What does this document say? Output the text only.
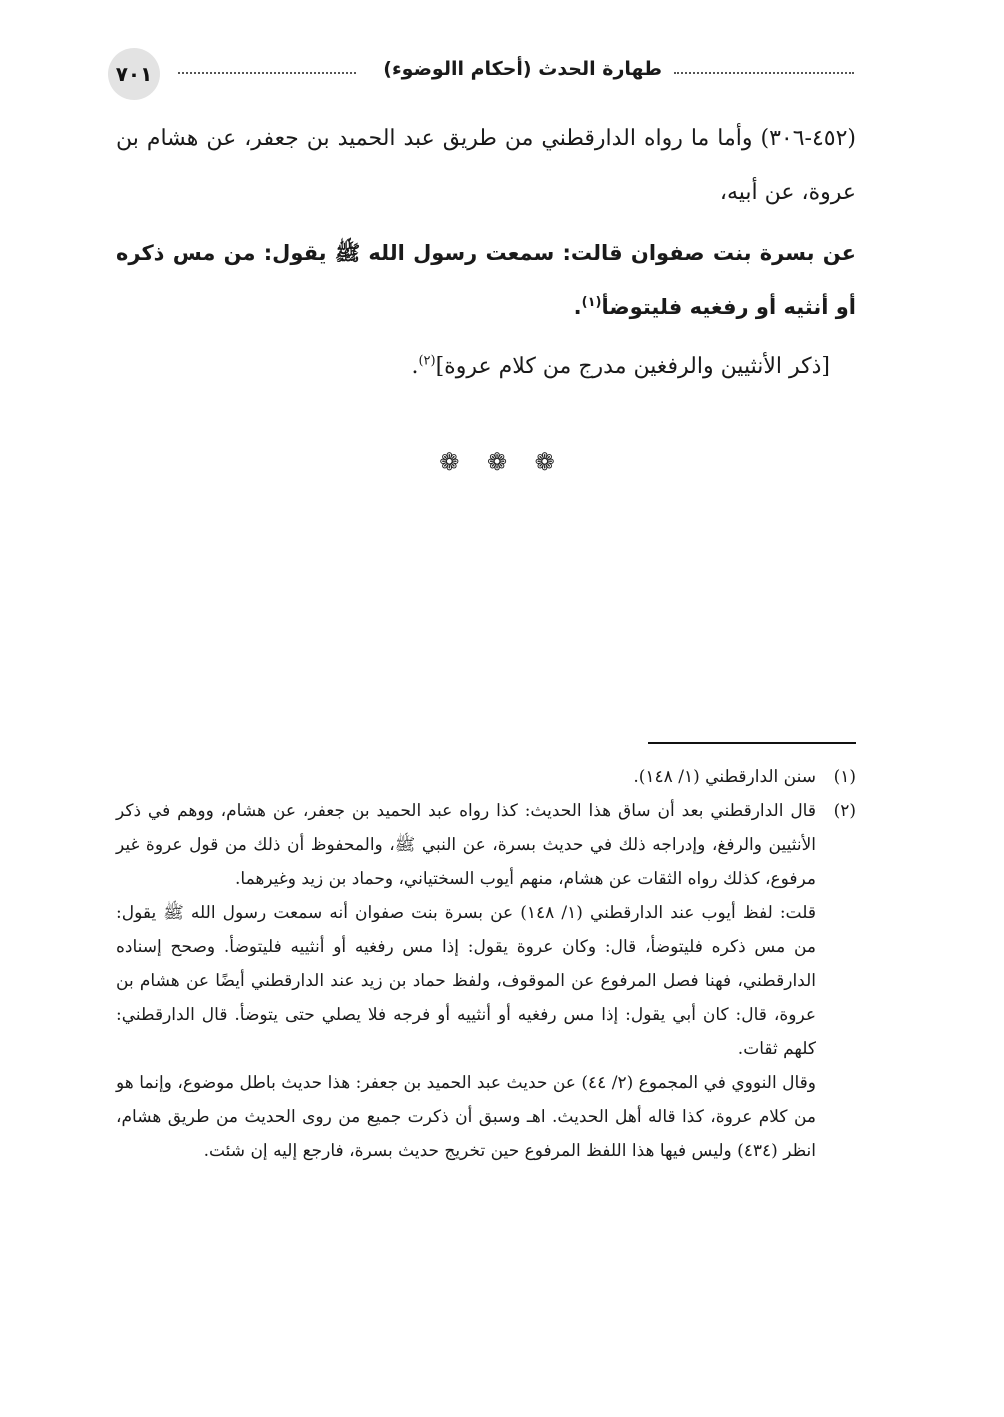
٧٠١	طهارة الحدث (أحكام االوضوء)

(٤٥٢-٣٠٦) وأما ما رواه الدارقطني من طريق عبد الحميد بن جعفر، عن هشام بن عروة، عن أبيه،

عن بسرة بنت صفوان قالت: سمعت رسول الله ﷺ يقول: من مس ذكره أو أنثيه أو رفغيه فليتوضأ$^{(١)}$.

[ذكر الأنثيين والرفغين مدرج من كلام عروة]$^{(٢)}$.

❁ ❁ ❁
(١)

سنن الدارقطني (١/ ١٤٨).

(٢)

قال الدارقطني بعد أن ساق هذا الحديث: كذا رواه عبد الحميد بن جعفر، عن هشام، ووهم في ذكر الأنثيين والرفغ، وإدراجه ذلك في حديث بسرة، عن النبي ﷺ، والمحفوظ أن ذلك من قول عروة غير مرفوع، كذلك رواه الثقات عن هشام، منهم أيوب السختياني، وحماد بن زيد وغيرهما.

قلت: لفظ أيوب عند الدارقطني (١/ ١٤٨) عن بسرة بنت صفوان أنه سمعت رسول الله ﷺ يقول: من مس ذكره فليتوضأ، قال: وكان عروة يقول: إذا مس رفغيه أو أنثييه فليتوضأ. وصحح إسناده الدارقطني، فهنا فصل المرفوع عن الموقوف، ولفظ حماد بن زيد عند الدارقطني أيضًا عن هشام بن عروة، قال: كان أبي يقول: إذا مس رفغيه أو أنثييه أو فرجه فلا يصلي حتى يتوضأ. قال الدارقطني: كلهم ثقات.

وقال النووي في المجموع (٢/ ٤٤) عن حديث عبد الحميد بن جعفر: هذا حديث باطل موضوع، وإنما هو من كلام عروة، كذا قاله أهل الحديث. اهـ وسبق أن ذكرت جميع من روى الحديث من طريق هشام، انظر (٤٣٤) وليس فيها هذا اللفظ المرفوع حين تخريج حديث بسرة، فارجع إليه إن شئت.
